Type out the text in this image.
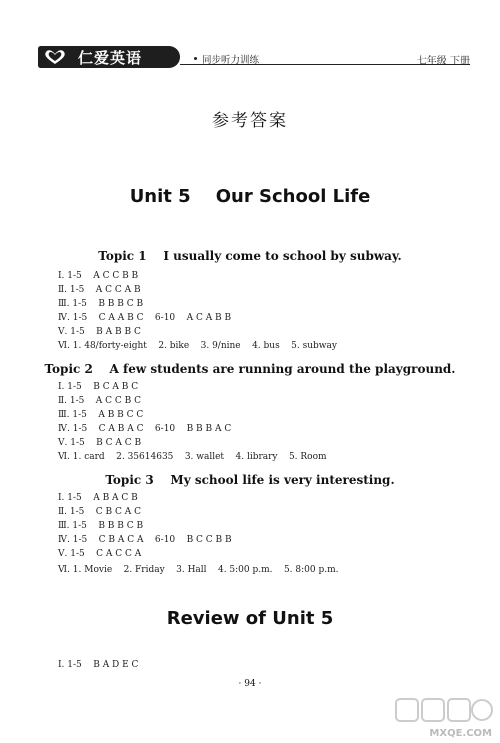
仁爱英语	同步听力训练	七年级 下册
参考答案
Unit 5    Our School Life
Topic 1    I usually come to school by subway.
Ⅰ. 1-5    A C C B B
Ⅱ. 1-5    A C C A B
Ⅲ. 1-5    B B B C B
Ⅳ. 1-5    C A A B C    6-10    A C A B B
Ⅴ. 1-5    B A B B C
Ⅵ. 1. 48/forty-eight    2. bike    3. 9/nine    4. bus    5. subway
Topic 2    A few students are running around the playground.
Ⅰ. 1-5    B C A B C
Ⅱ. 1-5    A C C B C
Ⅲ. 1-5    A B B C C
Ⅳ. 1-5    C A B A C    6-10    B B B A C
Ⅴ. 1-5    B C A C B
Ⅵ. 1. card    2. 35614635    3. wallet    4. library    5. Room
Topic 3    My school life is very interesting.
Ⅰ. 1-5    A B A C B
Ⅱ. 1-5    C B C A C
Ⅲ. 1-5    B B B C B
Ⅳ. 1-5    C B A C A    6-10    B C C B B
Ⅴ. 1-5    C A C C A
Ⅵ. 1. Movie    2. Friday    3. Hall    4. 5:00 p.m.    5. 8:00 p.m.
Review of Unit 5
Ⅰ. 1-5    B A D E C
· 94 ·
MXQE.COM
